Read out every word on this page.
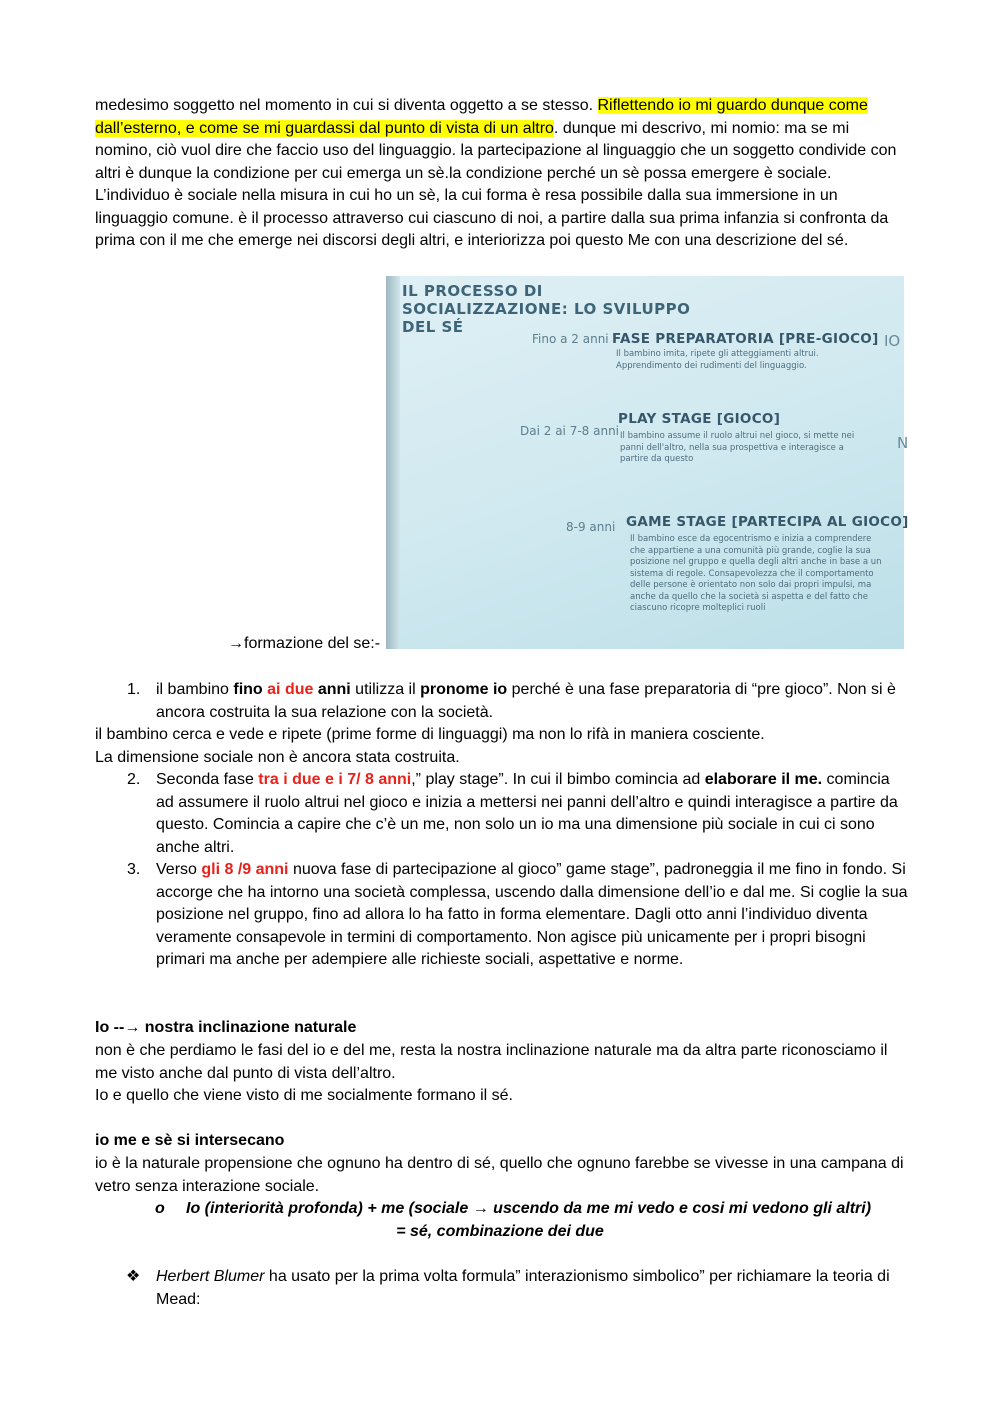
medesimo soggetto nel momento in cui si diventa oggetto a se stesso. Riflettendo io mi guardo dunque come dall’esterno, e come se mi guardassi dal punto di vista di un altro. dunque mi descrivo, mi nomio: ma se mi nomino, ciò vuol dire che faccio uso del linguaggio. la partecipazione al linguaggio che un soggetto condivide con altri è dunque la condizione per cui emerga un sè.la condizione perché un sè possa emergere è sociale. L’individuo è sociale nella misura in cui ho un sè, la cui forma è resa possibile dalla sua immersione in un linguaggio comune. è il processo attraverso cui ciascuno di noi, a partire dalla sua prima infanzia si confronta da prima con il me che emerge nei discorsi degli altri, e interiorizza poi questo Me con una descrizione del sé.

IL PROCESSO DI
SOCIALIZZAZIONE: LO SVILUPPO
DEL SÉ
IO
N
Fino a 2 anni FASE PREPARATORIA [PRE-GIOCO]
Il bambino imita, ripete gli atteggiamenti altrui. Apprendimento dei rudimenti del linguaggio.
Dai 2 ai 7-8 anni
PLAY STAGE [GIOCO]
Il bambino assume il ruolo altrui nel gioco, si mette nei panni dell'altro, nella sua prospettiva e interagisce a partire da questo
8-9 anni GAME STAGE [PARTECIPA AL GIOCO]
Il bambino esce da egocentrismo e inizia a comprendere che appartiene a una comunità più grande, coglie la sua posizione nel gruppo e quella degli altri anche in base a un sistema di regole. Consapevolezza che il comportamento delle persone è orientato non solo dai propri impulsi, ma anche da quello che la società si aspetta e del fatto che ciascuno ricopre molteplici ruoli
→formazione del se:-
1. il bambino fino ai due anni utilizza il pronome io perché è una fase preparatoria di “pre gioco”. Non si è ancora costruita la sua relazione con la società.
il bambino cerca e vede e ripete (prime forme di linguaggi) ma non lo rifà in maniera cosciente.
La dimensione sociale non è ancora stata costruita.
2. Seconda fase tra i due e i 7/ 8 anni,” play stage”. In cui il bimbo comincia ad elaborare il me. comincia ad assumere il ruolo altrui nel gioco e inizia a mettersi nei panni dell’altro e quindi interagisce a partire da questo. Comincia a capire che c’è un me, non solo un io ma una dimensione più sociale in cui ci sono anche altri.
3. Verso gli 8 /9 anni nuova fase di partecipazione al gioco” game stage”, padroneggia il me fino in fondo. Si accorge che ha intorno una società complessa, uscendo dalla dimensione dell’io e dal me. Si coglie la sua posizione nel gruppo, fino ad allora lo ha fatto in forma elementare. Dagli otto anni l’individuo diventa veramente consapevole in termini di comportamento. Non agisce più unicamente per i propri bisogni primari ma anche per adempiere alle richieste sociali, aspettative e norme.
Io --→ nostra inclinazione naturale
non è che perdiamo le fasi del io e del me, resta la nostra inclinazione naturale ma da altra parte riconosciamo il me visto anche dal punto di vista dell’altro.
Io e quello che viene visto di me socialmente formano il sé.
io me e sè si intersecano
io è la naturale propensione che ognuno ha dentro di sé, quello che ognuno farebbe se vivesse in una campana di vetro senza interazione sociale.
o Io (interiorità profonda) + me (sociale → uscendo da me mi vedo e cosi mi vedono gli altri)
= sé, combinazione dei due
❖ Herbert Blumer ha usato per la prima volta formula” interazionismo simbolico” per richiamare la teoria di Mead:
